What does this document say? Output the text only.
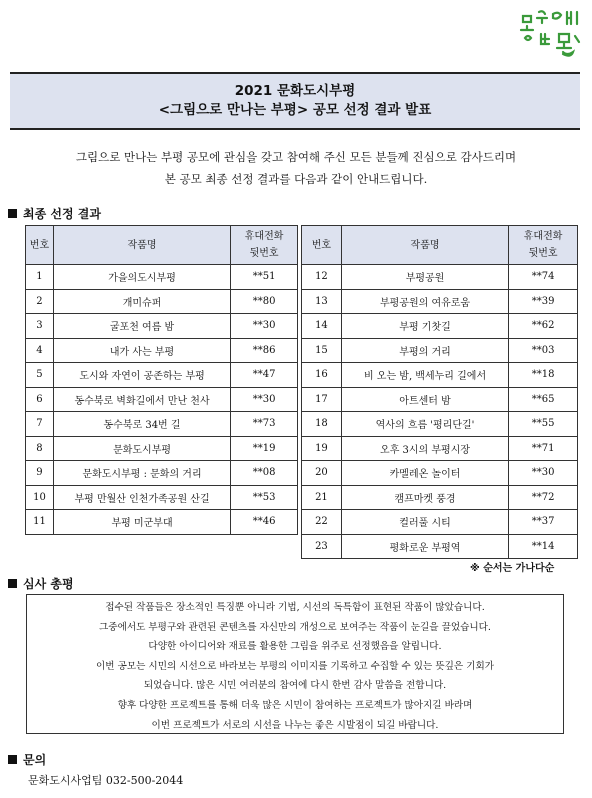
2021 문화도시부평
<그림으로 만나는 부평> 공모 선정 결과 발표
그림으로 만나는 부평 공모에 관심을 갖고 참여해 주신 모든 분들께 진심으로 감사드리며
본 공모 최종 선정 결과를 다음과 같이 안내드립니다.
최종 선정 결과
번호	작품명	휴대전화
뒷번호
1	가을의도시부평	**51
2	개미슈퍼	**80
3	굴포천 여름 밤	**30
4	내가 사는 부평	**86
5	도시와 자연이 공존하는 부평	**47
6	동수북로 벽화길에서 만난 천사	**30
7	동수북로 34번 길	**73
8	문화도시부평	**19
9	문화도시부평 : 문화의 거리	**08
10	부평 만월산 인천가족공원 산길	**53
11	부평 미군부대	**46
번호	작품명	휴대전화
뒷번호
12	부평공원	**74
13	부평공원의 여유로움	**39
14	부평 기찻길	**62
15	부평의 거리	**03
16	비 오는 밤, 백세누리 길에서	**18
17	아트센터 밤	**65
18	역사의 흐름 '평리단길'	**55
19	오후 3시의 부평시장	**71
20	카멜레온 놀이터	**30
21	캠프마켓 풍경	**72
22	컬러풀 시티	**37
23	평화로운 부평역	**14
※ 순서는 가나다순
심사 총평
접수된 작품들은 장소적인 특징뿐 아니라 기법, 시선의 독특함이 표현된 작품이 많았습니다.
그중에서도 부평구와 관련된 콘텐츠를 자신만의 개성으로 보여주는 작품이 눈길을 끌었습니다.
다양한 아이디어와 재료를 활용한 그림을 위주로 선정했음을 알립니다.
이번 공모는 시민의 시선으로 바라보는 부평의 이미지를 기록하고 수집할 수 있는 뜻깊은 기회가
되었습니다. 많은 시민 여러분의 참여에 다시 한번 감사 말씀을 전합니다.
향후 다양한 프로젝트를 통해 더욱 많은 시민이 참여하는 프로젝트가 많아지길 바라며
이번 프로젝트가 서로의 시선을 나누는 좋은 시발점이 되길 바랍니다.
문의
문화도시사업팀 032-500-2044
